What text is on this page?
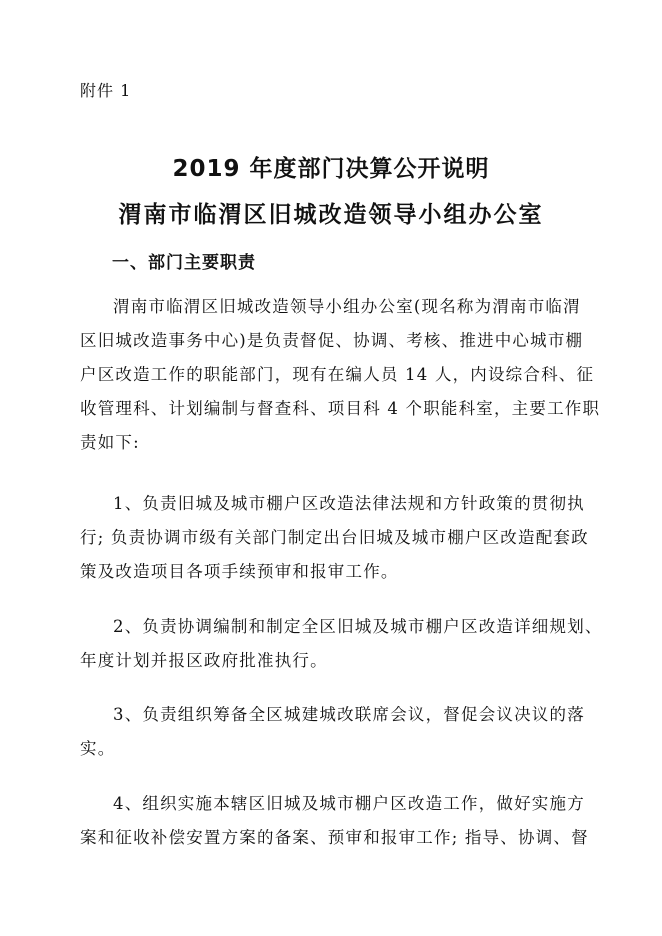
附件 1
2019 年度部门决算公开说明
渭南市临渭区旧城改造领导小组办公室
一、部门主要职责
渭南市临渭区旧城改造领导小组办公室(现名称为渭南市临渭
区旧城改造事务中心)是负责督促、协调、考核、推进中心城市棚
户区改造工作的职能部门，现有在编人员 14 人，内设综合科、征
收管理科、计划编制与督查科、项目科 4 个职能科室，主要工作职
责如下:
1、负责旧城及城市棚户区改造法律法规和方针政策的贯彻执
行; 负责协调市级有关部门制定出台旧城及城市棚户区改造配套政
策及改造项目各项手续预审和报审工作。
2、负责协调编制和制定全区旧城及城市棚户区改造详细规划、
年度计划并报区政府批准执行。
3、负责组织筹备全区城建城改联席会议，督促会议决议的落
实。
4、组织实施本辖区旧城及城市棚户区改造工作，做好实施方
案和征收补偿安置方案的备案、预审和报审工作; 指导、协调、督
